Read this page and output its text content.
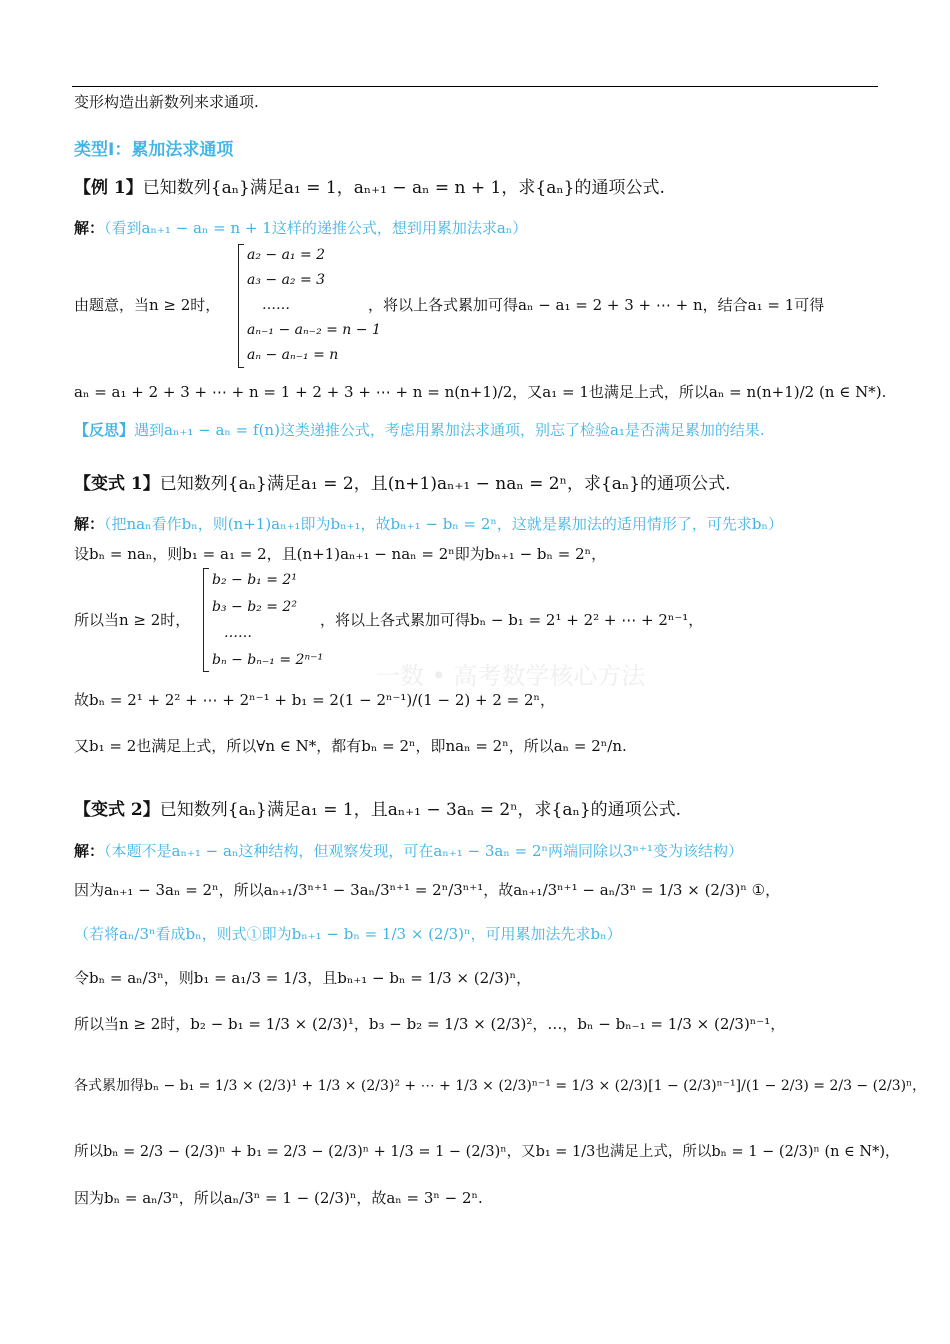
变形构造出新数列来求通项.
类型Ⅰ：累加法求通项
【例 1】已知数列{aₙ}满足a₁ = 1，aₙ₊₁ − aₙ = n + 1，求{aₙ}的通项公式.
解：（看到aₙ₊₁ − aₙ = n + 1这样的递推公式，想到用累加法求aₙ）
由题意，当n ≥ 2时，
a₂ − a₁ = 2
a₃ − a₂ = 3
……
aₙ₋₁ − aₙ₋₂ = n − 1
aₙ − aₙ₋₁ = n
，将以上各式累加可得aₙ − a₁ = 2 + 3 + ⋯ + n，结合a₁ = 1可得
aₙ = a₁ + 2 + 3 + ⋯ + n = 1 + 2 + 3 + ⋯ + n = n(n+1)/2，又a₁ = 1也满足上式，所以aₙ = n(n+1)/2 (n ∈ N*).
【反思】遇到aₙ₊₁ − aₙ = f(n)这类递推公式，考虑用累加法求通项，别忘了检验a₁是否满足累加的结果.
【变式 1】已知数列{aₙ}满足a₁ = 2，且(n+1)aₙ₊₁ − naₙ = 2ⁿ，求{aₙ}的通项公式.
解：（把naₙ看作bₙ，则(n+1)aₙ₊₁即为bₙ₊₁，故bₙ₊₁ − bₙ = 2ⁿ，这就是累加法的适用情形了，可先求bₙ）
设bₙ = naₙ，则b₁ = a₁ = 2，且(n+1)aₙ₊₁ − naₙ = 2ⁿ即为bₙ₊₁ − bₙ = 2ⁿ，
所以当n ≥ 2时，
b₂ − b₁ = 2¹
b₃ − b₂ = 2²
……
bₙ − bₙ₋₁ = 2ⁿ⁻¹
，将以上各式累加可得bₙ − b₁ = 2¹ + 2² + ⋯ + 2ⁿ⁻¹，
一数 • 高考数学核心方法
故bₙ = 2¹ + 2² + ⋯ + 2ⁿ⁻¹ + b₁ = 2(1 − 2ⁿ⁻¹)/(1 − 2) + 2 = 2ⁿ，
又b₁ = 2也满足上式，所以∀n ∈ N*，都有bₙ = 2ⁿ，即naₙ = 2ⁿ，所以aₙ = 2ⁿ/n.
【变式 2】已知数列{aₙ}满足a₁ = 1，且aₙ₊₁ − 3aₙ = 2ⁿ，求{aₙ}的通项公式.
解：（本题不是aₙ₊₁ − aₙ这种结构，但观察发现，可在aₙ₊₁ − 3aₙ = 2ⁿ两端同除以3ⁿ⁺¹变为该结构）
因为aₙ₊₁ − 3aₙ = 2ⁿ，所以aₙ₊₁/3ⁿ⁺¹ − 3aₙ/3ⁿ⁺¹ = 2ⁿ/3ⁿ⁺¹，故aₙ₊₁/3ⁿ⁺¹ − aₙ/3ⁿ = 1/3 × (2/3)ⁿ ①，
（若将aₙ/3ⁿ看成bₙ，则式①即为bₙ₊₁ − bₙ = 1/3 × (2/3)ⁿ，可用累加法先求bₙ）
令bₙ = aₙ/3ⁿ，则b₁ = a₁/3 = 1/3，且bₙ₊₁ − bₙ = 1/3 × (2/3)ⁿ，
所以当n ≥ 2时，b₂ − b₁ = 1/3 × (2/3)¹，b₃ − b₂ = 1/3 × (2/3)²，…，bₙ − bₙ₋₁ = 1/3 × (2/3)ⁿ⁻¹，
各式累加得bₙ − b₁ = 1/3 × (2/3)¹ + 1/3 × (2/3)² + ⋯ + 1/3 × (2/3)ⁿ⁻¹ = 1/3 × (2/3)[1 − (2/3)ⁿ⁻¹]/(1 − 2/3) = 2/3 − (2/3)ⁿ，
所以bₙ = 2/3 − (2/3)ⁿ + b₁ = 2/3 − (2/3)ⁿ + 1/3 = 1 − (2/3)ⁿ，又b₁ = 1/3也满足上式，所以bₙ = 1 − (2/3)ⁿ (n ∈ N*)，
因为bₙ = aₙ/3ⁿ，所以aₙ/3ⁿ = 1 − (2/3)ⁿ，故aₙ = 3ⁿ − 2ⁿ.
